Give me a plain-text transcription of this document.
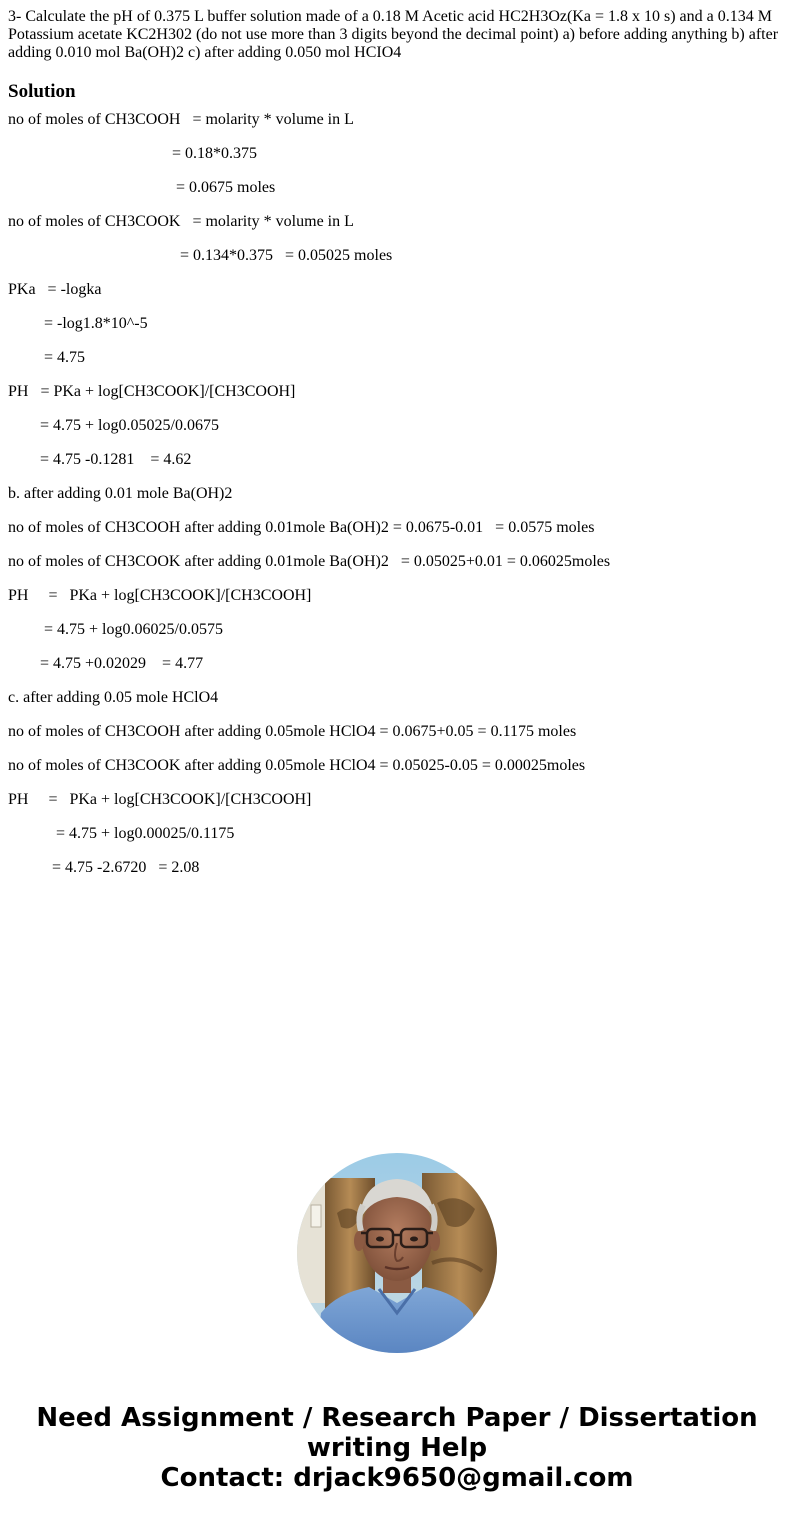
3- Calculate the pH of 0.375 L buffer solution made of a 0.18 M Acetic acid HC2H3Oz(Ka = 1.8 x 10 s) and a 0.134 M Potassium acetate KC2H302 (do not use more than 3 digits beyond the decimal point) a) before adding anything b) after adding 0.010 mol Ba(OH)2 c) after adding 0.050 mol HCIO4

Solution

no of moles of CH3COOH   = molarity * volume in L

= 0.18*0.375

= 0.0675 moles

no of moles of CH3COOK   = molarity * volume in L

= 0.134*0.375   = 0.05025 moles

PKa   = -logka

= -log1.8*10^-5

= 4.75

PH   = PKa + log[CH3COOK]/[CH3COOH]

= 4.75 + log0.05025/0.0675

= 4.75 -0.1281    = 4.62

b. after adding 0.01 mole Ba(OH)2

no of moles of CH3COOH after adding 0.01mole Ba(OH)2 = 0.0675-0.01   = 0.0575 moles

no of moles of CH3COOK after adding 0.01mole Ba(OH)2   = 0.05025+0.01 = 0.06025moles

PH     =   PKa + log[CH3COOK]/[CH3COOH]

= 4.75 + log0.06025/0.0575

= 4.75 +0.02029    = 4.77

c. after adding 0.05 mole HClO4

no of moles of CH3COOH after adding 0.05mole HClO4 = 0.0675+0.05 = 0.1175 moles

no of moles of CH3COOK after adding 0.05mole HClO4 = 0.05025-0.05 = 0.00025moles

PH     =   PKa + log[CH3COOK]/[CH3COOH]

= 4.75 + log0.00025/0.1175

= 4.75 -2.6720   = 2.08

Need Assignment / Research Paper / Dissertation
writing Help
Contact: drjack9650@gmail.com
